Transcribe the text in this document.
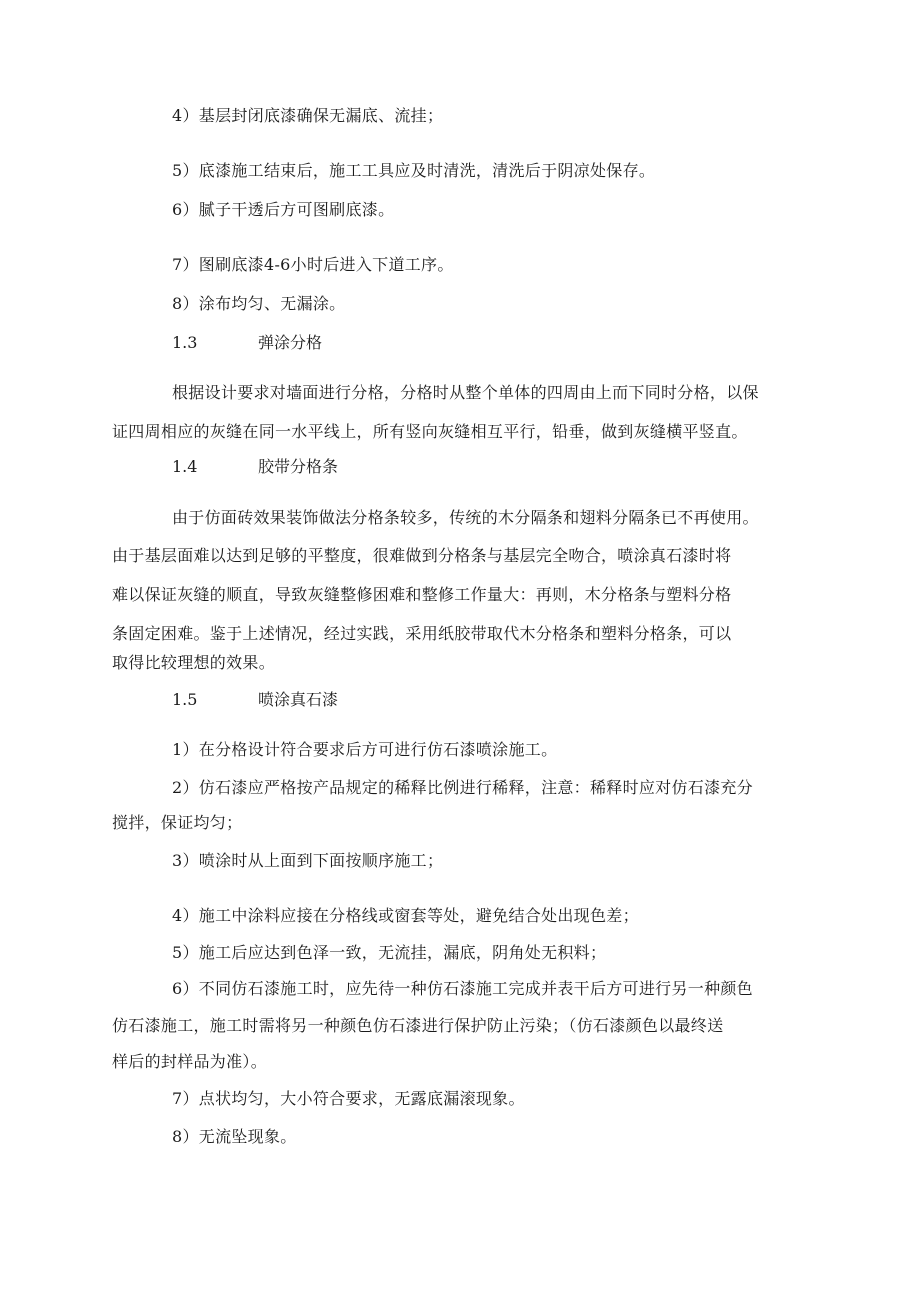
4）基层封闭底漆确保无漏底、流挂；
5）底漆施工结束后，施工工具应及时清洗，清洗后于阴凉处保存。
6）腻子干透后方可图刷底漆。
7）图刷底漆4-6小时后进入下道工序。
8）涂布均匀、无漏涂。
1.3	弹涂分格
根据设计要求对墙面进行分格，分格时从整个单体的四周由上而下同时分格，以保
证四周相应的灰缝在同一水平线上，所有竖向灰缝相互平行，铅垂，做到灰缝横平竖直。
1.4	胶带分格条
由于仿面砖效果装饰做法分格条较多，传统的木分隔条和翅料分隔条已不再使用。
由于基层面难以达到足够的平整度，很难做到分格条与基层完全吻合，喷涂真石漆时将
难以保证灰缝的顺直，导致灰缝整修困难和整修工作量大：再则，木分格条与塑料分格
条固定困难。鉴于上述情况，经过实践，采用纸胶带取代木分格条和塑料分格条，可以
取得比较理想的效果。
1.5	喷涂真石漆
1）在分格设计符合要求后方可进行仿石漆喷涂施工。
2）仿石漆应严格按产品规定的稀释比例进行稀释，注意：稀释时应对仿石漆充分
搅拌，保证均匀；
3）喷涂时从上面到下面按顺序施工；
4）施工中涂料应接在分格线或窗套等处，避免结合处出现色差；
5）施工后应达到色泽一致，无流挂，漏底，阴角处无积料；
6）不同仿石漆施工时，应先待一种仿石漆施工完成并表干后方可进行另一种颜色
仿石漆施工，施工时需将另一种颜色仿石漆进行保护防止污染；（仿石漆颜色以最终送
样后的封样品为准）。
7）点状均匀，大小符合要求，无露底漏滚现象。
8）无流坠现象。
